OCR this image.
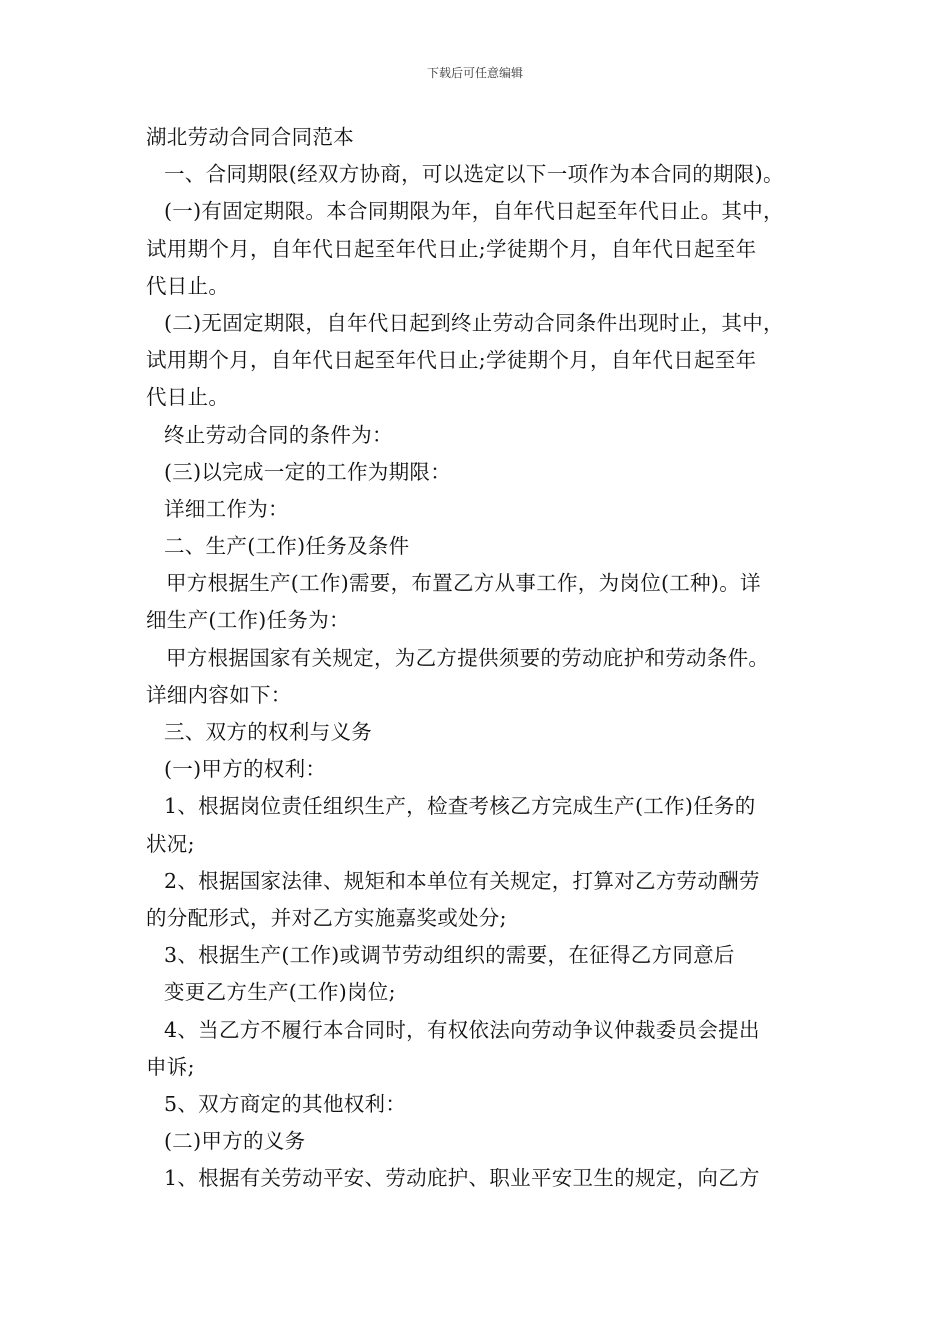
下载后可任意编辑
湖北劳动合同合同范本
一、合同期限(经双方协商，可以选定以下一项作为本合同的期限)。
(一)有固定期限。本合同期限为年，自年代日起至年代日止。其中，
试用期个月，自年代日起至年代日止;学徒期个月，自年代日起至年
代日止。
(二)无固定期限，自年代日起到终止劳动合同条件出现时止，其中，
试用期个月，自年代日起至年代日止;学徒期个月，自年代日起至年
代日止。
终止劳动合同的条件为：
(三)以完成一定的工作为期限：
详细工作为：
二、生产(工作)任务及条件
甲方根据生产(工作)需要，布置乙方从事工作，为岗位(工种)。详
细生产(工作)任务为：
甲方根据国家有关规定，为乙方提供须要的劳动庇护和劳动条件。
详细内容如下：
三、双方的权利与义务
(一)甲方的权利：
1、根据岗位责任组织生产，检查考核乙方完成生产(工作)任务的
状况;
2、根据国家法律、规矩和本单位有关规定，打算对乙方劳动酬劳
的分配形式，并对乙方实施嘉奖或处分;
3、根据生产(工作)或调节劳动组织的需要，在征得乙方同意后
变更乙方生产(工作)岗位;
4、当乙方不履行本合同时，有权依法向劳动争议仲裁委员会提出
申诉;
5、双方商定的其他权利：
(二)甲方的义务
1、根据有关劳动平安、劳动庇护、职业平安卫生的规定，向乙方
